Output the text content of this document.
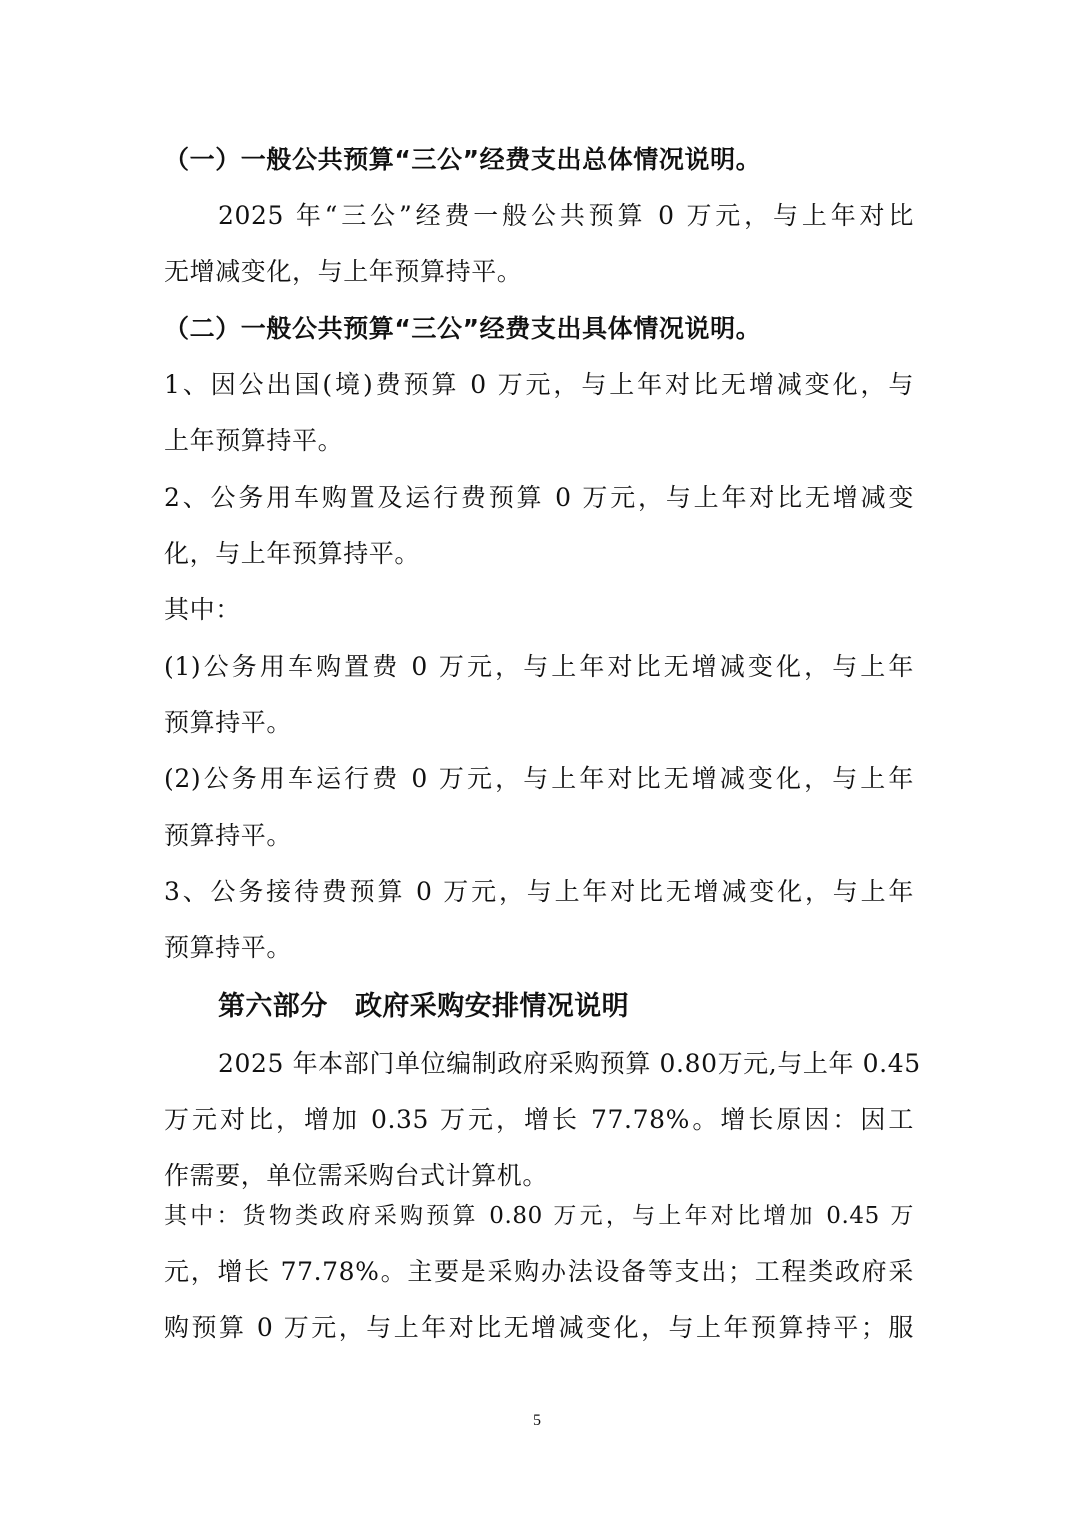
（一）一般公共预算“三公”经费支出总体情况说明。
2025 年“三公”经费一般公共预算 0 万元，与上年对比
无增减变化，与上年预算持平。
（二）一般公共预算“三公”经费支出具体情况说明。
1、因公出国(境)费预算 0 万元，与上年对比无增减变化，与
上年预算持平。
2、公务用车购置及运行费预算 0 万元，与上年对比无增减变
化，与上年预算持平。
其中：
(1)公务用车购置费 0 万元，与上年对比无增减变化，与上年
预算持平。
(2)公务用车运行费 0 万元，与上年对比无增减变化，与上年
预算持平。
3、公务接待费预算 0 万元，与上年对比无增减变化，与上年
预算持平。
第六部分　政府采购安排情况说明
2025 年本部门单位编制政府采购预算 0.80万元,与上年 0.45
万元对比，增加 0.35 万元，增长 77.78%。增长原因：因工
作需要，单位需采购台式计算机。
其中：货物类政府采购预算 0.80 万元，与上年对比增加 0.45 万
元，增长 77.78%。主要是采购办法设备等支出；工程类政府采
购预算 0 万元，与上年对比无增减变化，与上年预算持平；服
5
